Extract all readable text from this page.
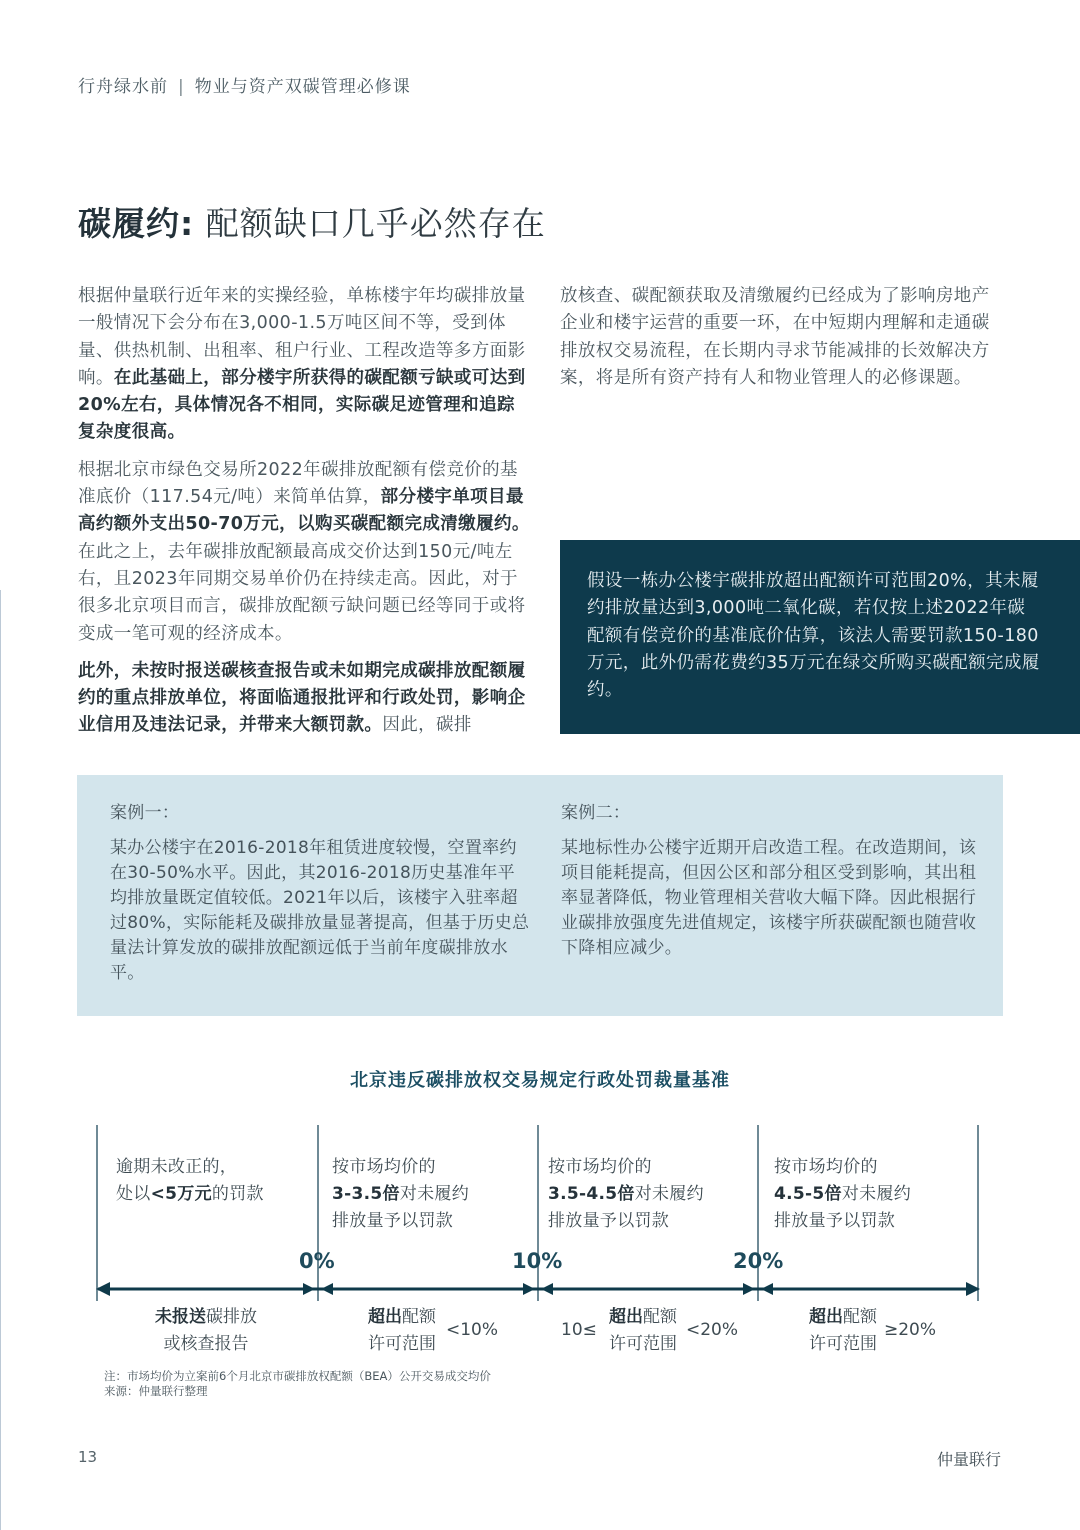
行舟绿水前 | 物业与资产双碳管理必修课
碳履约: 配额缺口几乎必然存在

根据仲量联行近年来的实操经验，单栋楼宇年均碳排放量一般情况下会分布在3,000-1.5万吨区间不等，受到体量、供热机制、出租率、租户行业、工程改造等多方面影响。在此基础上，部分楼宇所获得的碳配额亏缺或可达到20%左右，具体情况各不相同，实际碳足迹管理和追踪复杂度很高。

根据北京市绿色交易所2022年碳排放配额有偿竞价的基准底价（117.54元/吨）来简单估算，部分楼宇单项目最高约额外支出50-70万元，以购买碳配额完成清缴履约。在此之上，去年碳排放配额最高成交价达到150元/吨左右，且2023年同期交易单价仍在持续走高。因此，对于很多北京项目而言，碳排放配额亏缺问题已经等同于或将变成一笔可观的经济成本。

此外，未按时报送碳核查报告或未如期完成碳排放配额履约的重点排放单位，将面临通报批评和行政处罚，影响企业信用及违法记录，并带来大额罚款。因此，碳排

放核查、碳配额获取及清缴履约已经成为了影响房地产企业和楼宇运营的重要一环，在中短期内理解和走通碳排放权交易流程，在长期内寻求节能减排的长效解决方案，将是所有资产持有人和物业管理人的必修课题。

假设一栋办公楼宇碳排放超出配额许可范围20%，其未履约排放量达到3,000吨二氧化碳，若仅按上述2022年碳配额有偿竞价的基准底价估算，该法人需要罚款150-180万元，此外仍需花费约35万元在绿交所购买碳配额完成履约。
案例一：
某办公楼宇在2016-2018年租赁进度较慢，空置率约在30-50%水平。因此，其2016-2018历史基准年平均排放量既定值较低。2021年以后，该楼宇入驻率超过80%，实际能耗及碳排放量显著提高，但基于历史总量法计算发放的碳排放配额远低于当前年度碳排放水平。
案例二：
某地标性办公楼宇近期开启改造工程。在改造期间，该项目能耗提高，但因公区和部分租区受到影响，其出租率显著降低，物业管理相关营收大幅下降。因此根据行业碳排放强度先进值规定，该楼宇所获碳配额也随营收下降相应减少。
北京违反碳排放权交易规定行政处罚裁量基准
逾期未改正的，
处以<5万元的罚款
按市场均价的
3-3.5倍对未履约
排放量予以罚款
按市场均价的
3.5-4.5倍对未履约
排放量予以罚款
按市场均价的
4.5-5倍对未履约
排放量予以罚款
0%	10%	20%
未报送碳排放
或核查报告
超出配额
许可范围
<10%	10≤
超出配额
许可范围
<20%
超出配额
许可范围
≥20%
注：市场均价为立案前6个月北京市碳排放权配额（BEA）公开交易成交均价
来源：仲量联行整理
13	仲量联行
